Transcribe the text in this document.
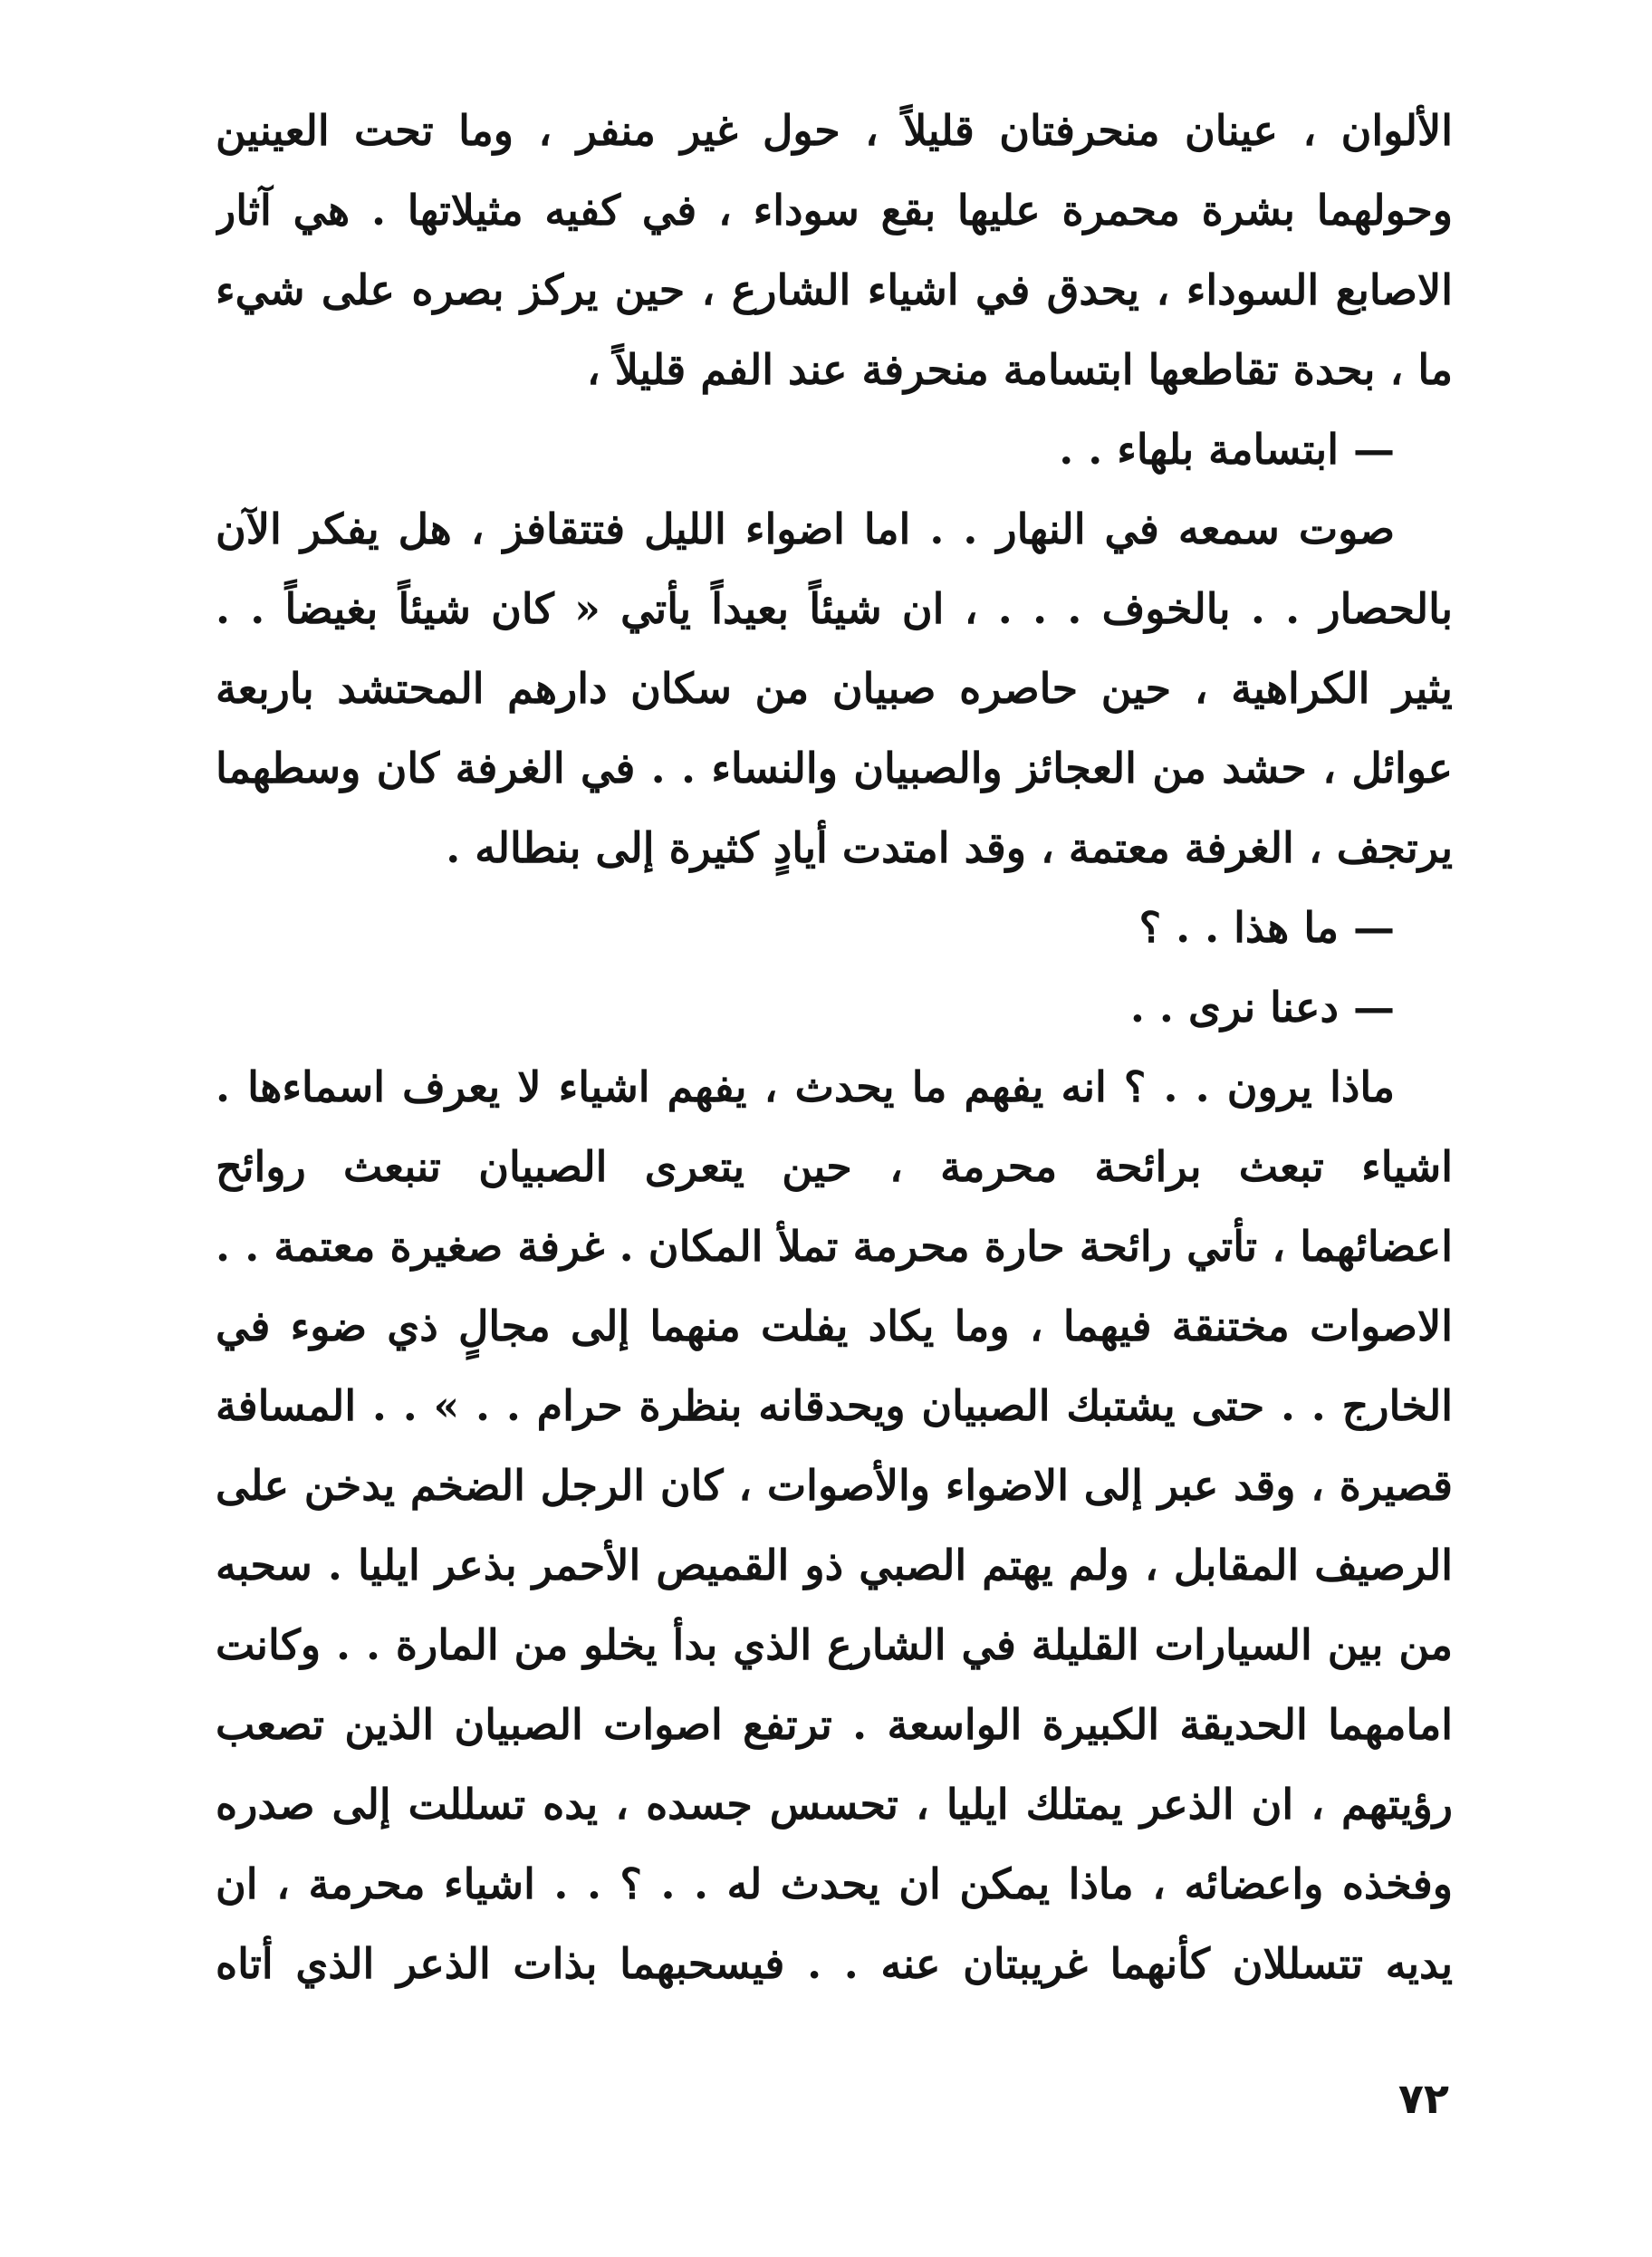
الألوان ، عينان منحرفتان قليلاً ، حول غير منفر ، وما تحت العينين
وحولهما بشرة محمرة عليها بقع سوداء ، في كفيه مثيلاتها . هي آثار
الاصابع السوداء ، يحدق في اشياء الشارع ، حين يركز بصره على شيء
ما ، بحدة تقاطعها ابتسامة منحرفة عند الفم قليلاً ،
— ابتسامة بلهاء . .
صوت سمعه في النهار . . اما اضواء الليل فتتقافز ، هل يفكر الآن
بالحصار . . بالخوف . . . ، ان شيئاً بعيداً يأتي « كان شيئاً بغيضاً . .
يثير الكراهية ، حين حاصره صبيان من سكان دارهم المحتشد باربعة
عوائل ، حشد من العجائز والصبيان والنساء . . في الغرفة كان وسطهما
يرتجف ، الغرفة معتمة ، وقد امتدت أيادٍ كثيرة إلى بنطاله .
— ما هذا . . ؟
— دعنا نرى . .
ماذا يرون . . ؟ انه يفهم ما يحدث ، يفهم اشياء لا يعرف اسماءها .
اشياء تبعث برائحة محرمة ، حين يتعرى الصبيان تنبعث روائح
اعضائهما ، تأتي رائحة حارة محرمة تملأ المكان . غرفة صغيرة معتمة . .
الاصوات مختنقة فيهما ، وما يكاد يفلت منهما إلى مجالٍ ذي ضوء في
الخارج . . حتى يشتبك الصبيان ويحدقانه بنظرة حرام . . » . . المسافة
قصيرة ، وقد عبر إلى الاضواء والأصوات ، كان الرجل الضخم يدخن على
الرصيف المقابل ، ولم يهتم الصبي ذو القميص الأحمر بذعر ايليا . سحبه
من بين السيارات القليلة في الشارع الذي بدأ يخلو من المارة . . وكانت
امامهما الحديقة الكبيرة الواسعة . ترتفع اصوات الصبيان الذين تصعب
رؤيتهم ، ان الذعر يمتلك ايليا ، تحسس جسده ، يده تسللت إلى صدره
وفخذه واعضائه ، ماذا يمكن ان يحدث له . . ؟ . . اشياء محرمة ، ان
يديه تتسللان كأنهما غريبتان عنه . . فيسحبهما بذات الذعر الذي أتاه
٧٢
